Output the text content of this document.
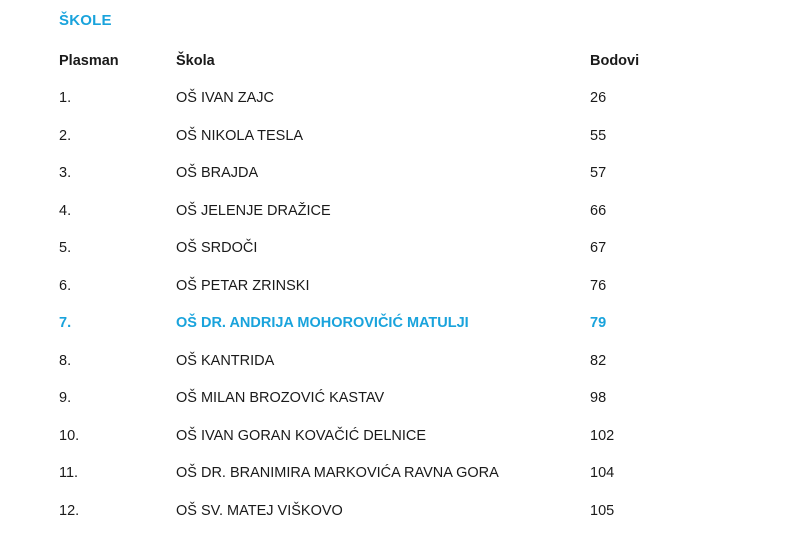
ŠKOLE
Plasman	Škola	Bodovi
1.	OŠ IVAN ZAJC	26
2.	OŠ NIKOLA TESLA	55
3.	OŠ BRAJDA	57
4.	OŠ JELENJE DRAŽICE	66
5.	OŠ SRDOČI	67
6.	OŠ PETAR ZRINSKI	76
7.	OŠ DR. ANDRIJA MOHOROVIČIĆ MATULJI	79
8.	OŠ KANTRIDA	82
9.	OŠ MILAN BROZOVIĆ KASTAV	98
10.	OŠ IVAN GORAN KOVAČIĆ DELNICE	102
11.	OŠ DR. BRANIMIRA MARKOVIĆA RAVNA GORA	104
12.	OŠ SV. MATEJ VIŠKOVO	105
